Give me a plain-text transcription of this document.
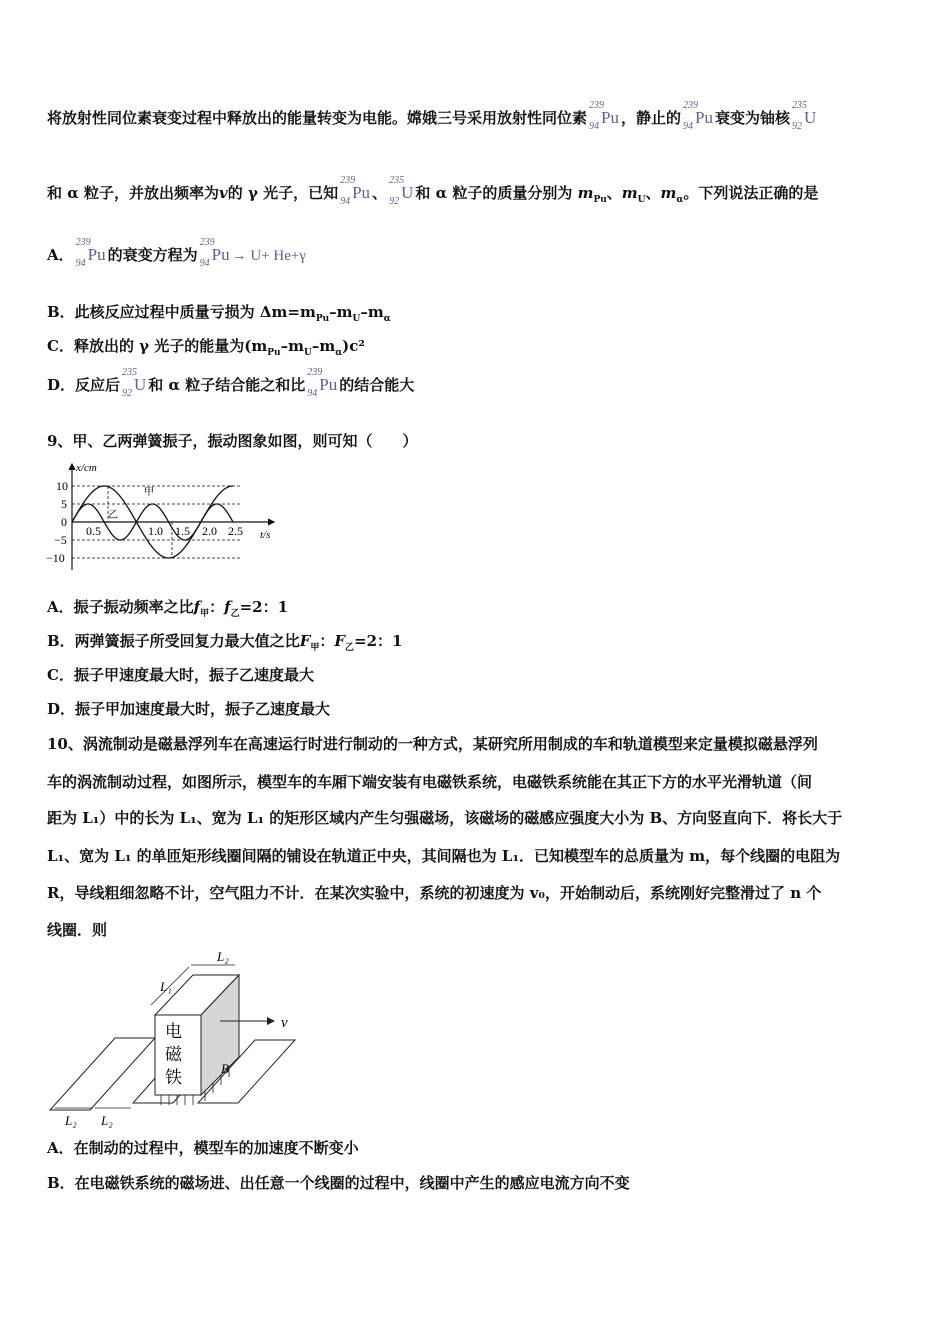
将放射性同位素衰变过程中释放出的能量转变为电能。嫦娥三号采用放射性同位素
239
94 Pu ，静止的
239
94 Pu 衰变为铀核
235
92 U
和 α 粒子，并放出频率为v的 γ 光子，已知
239
94 Pu 、
235
92 U 和 α 粒子的质量分别为 $m_{Pu}$、$m_U$、$m_\alpha$。下列说法正确的是
A．
239
94 Pu 的衰变方程为
239
94 Pu → U+ He+γ
B．此核反应过程中质量亏损为 $\Delta m=m_{Pu}-m_U-m_\alpha$
C．释放出的 γ 光子的能量为$(m_{Pu}-m_U-m_\alpha)c^2$
D．反应后
235
92 U 和 α 粒子结合能之和比
239
94 Pu 的结合能大
9、甲、乙两弹簧振子，振动图象如图，则可知（　　）
x/cm
t/s
10
5
0
−5
−10
0.5	1.0 1.5 2.0 2.5
甲
乙
A．振子振动频率之比$f_甲$：$f_乙=2$：1
B．两弹簧振子所受回复力最大值之比$F_甲$：$F_乙=2$：1
C．振子甲速度最大时，振子乙速度最大
D．振子甲加速度最大时，振子乙速度最大
10、涡流制动是磁悬浮列车在高速运行时进行制动的一种方式，某研究所用制成的车和轨道模型来定量模拟磁悬浮列
车的涡流制动过程，如图所示，模型车的车厢下端安装有电磁铁系统，电磁铁系统能在其正下方的水平光滑轨道（间
距为 L₁）中的长为 L₁、宽为 L₁ 的矩形区域内产生匀强磁场，该磁场的磁感应强度大小为 B、方向竖直向下．将长大于
L₁、宽为 L₁ 的单匝矩形线圈间隔的铺设在轨道正中央，其间隔也为 L₁．已知模型车的总质量为 m，每个线圈的电阻为
R，导线粗细忽略不计，空气阻力不计．在某次实验中，系统的初速度为 v₀，开始制动后，系统刚好完整滑过了 n 个
线圈．则
L₂
L₁
v
B
L₂ L₂
电
磁
铁
A．在制动的过程中，模型车的加速度不断变小
B．在电磁铁系统的磁场进、出任意一个线圈的过程中，线圈中产生的感应电流方向不变
